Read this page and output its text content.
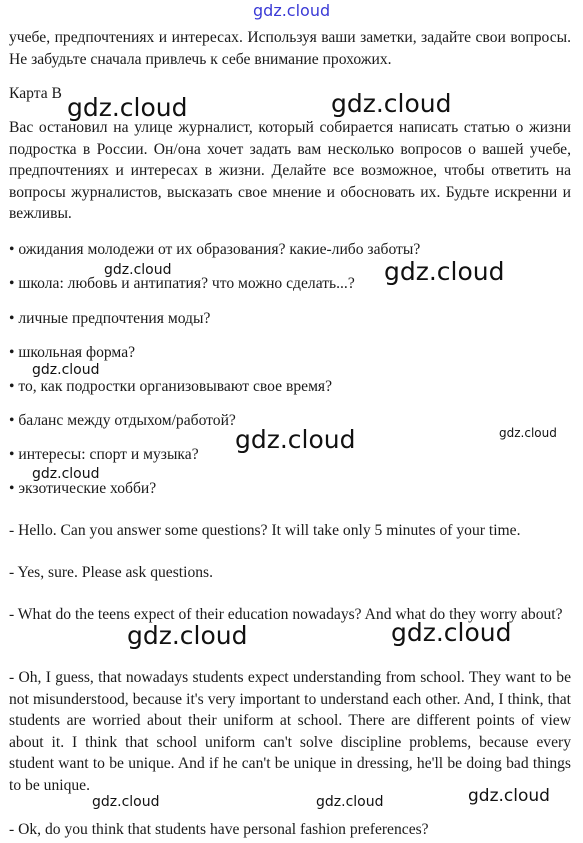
учебе, предпочтениях и интересах. Используя ваши заметки, задайте свои вопросы. Не забудьте сначала привлечь к себе внимание прохожих.
Карта В
Вас остановил на улице журналист, который собирается написать статью о жизни подростка в России. Он/она хочет задать вам несколько вопросов о вашей учебе, предпочтениях и интересах в жизни. Делайте все возможное, чтобы ответить на вопросы журналистов, высказать свое мнение и обосновать их. Будьте искренни и вежливы.
• ожидания молодежи от их образования? какие-либо заботы?
• школа: любовь и антипатия? что можно сделать...?
• личные предпочтения моды?
• школьная форма?
• то, как подростки организовывают свое время?
• баланс между отдыхом/работой?
• интересы: спорт и музыка?
• экзотические хобби?
- Hello. Can you answer some questions? It will take only 5 minutes of your time.
- Yes, sure. Please ask questions.
- What do the teens expect of their education nowadays? And what do they worry about?
- Oh, I guess, that nowadays students expect understanding from school. They want to be not misunderstood, because it's very important to understand each other. And, I think, that students are worried about their uniform at school. There are different points of view about it. I think that school uniform can't solve discipline problems, because every student want to be unique. And if he can't be unique in dressing, he'll be doing bad things to be unique.
- Ok, do you think that students have personal fashion preferences?
gdz.cloud
gdz.cloud	gdz.cloud
gdz.cloud
gdz.cloud
gdz.cloud	gdz.cloud
gdz.cloud
gdz.cloud
gdz.cloud
gdz.cloud
gdz.cloud	gdz.cloud	gdz.cloud
